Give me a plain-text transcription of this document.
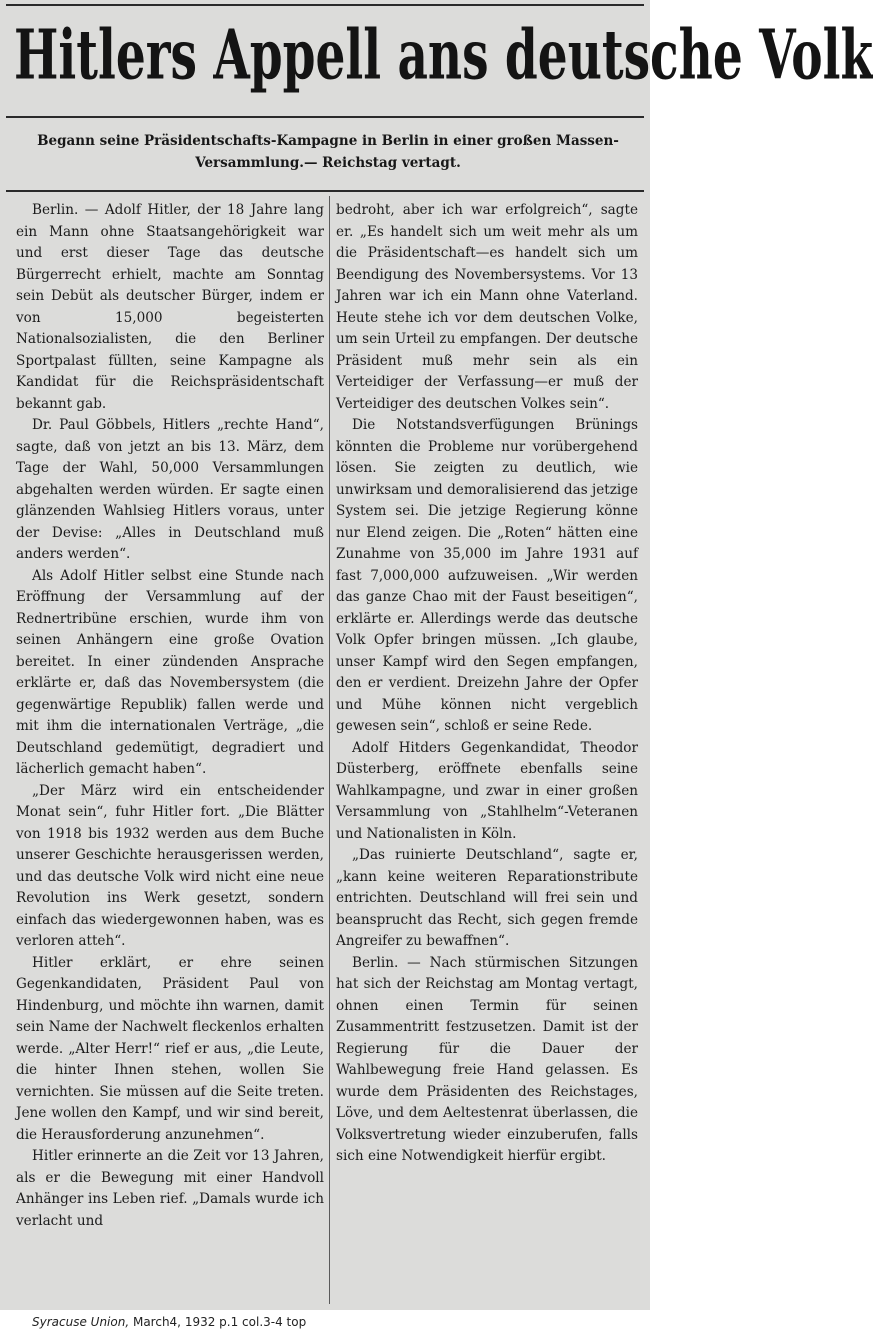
Hitlers Appell ans deutsche Volk
Begann seine Präsidentschafts-Kampagne in Berlin in einer großen Massen-Versammlung.— Reichstag vertagt.

Berlin. — Adolf Hitler, der 18 Jahre lang ein Mann ohne Staatsangehörigkeit war und erst dieser Tage das deutsche Bürgerrecht erhielt, machte am Sonntag sein Debüt als deutscher Bürger, indem er von 15,000 begeisterten Nationalsozialisten, die den Berliner Sportpalast füllten, seine Kampagne als Kandidat für die Reichspräsidentschaft bekannt gab.

Dr. Paul Göbbels, Hitlers „rechte Hand“, sagte, daß von jetzt an bis 13. März, dem Tage der Wahl, 50,000 Versammlungen abgehalten werden würden. Er sagte einen glänzenden Wahlsieg Hitlers voraus, unter der Devise: „Alles in Deutschland muß anders werden“.

Als Adolf Hitler selbst eine Stunde nach Eröffnung der Versammlung auf der Rednertribüne erschien, wurde ihm von seinen Anhängern eine große Ovation bereitet. In einer zündenden Ansprache erklärte er, daß das Novembersystem (die gegenwärtige Republik) fallen werde und mit ihm die internationalen Verträge, „die Deutschland gedemütigt, degradiert und lächerlich gemacht haben“.

„Der März wird ein entscheidender Monat sein“, fuhr Hitler fort. „Die Blätter von 1918 bis 1932 werden aus dem Buche unserer Geschichte herausgerissen werden, und das deutsche Volk wird nicht eine neue Revolution ins Werk gesetzt, sondern einfach das wiedergewonnen haben, was es verloren atteh“.

Hitler erklärt, er ehre seinen Gegenkandidaten, Präsident Paul von Hindenburg, und möchte ihn warnen, damit sein Name der Nachwelt fleckenlos erhalten werde. „Alter Herr!“ rief er aus, „die Leute, die hinter Ihnen stehen, wollen Sie vernichten. Sie müssen auf die Seite treten. Jene wollen den Kampf, und wir sind bereit, die Herausforderung anzunehmen“.

Hitler erinnerte an die Zeit vor 13 Jahren, als er die Bewegung mit einer Handvoll Anhänger ins Leben rief. „Damals wurde ich verlacht und

bedroht, aber ich war erfolgreich“, sagte er. „Es handelt sich um weit mehr als um die Präsidentschaft—es handelt sich um Beendigung des Novembersystems. Vor 13 Jahren war ich ein Mann ohne Vaterland. Heute stehe ich vor dem deutschen Volke, um sein Urteil zu empfangen. Der deutsche Präsident muß mehr sein als ein Verteidiger der Verfassung—er muß der Verteidiger des deutschen Volkes sein“.

Die Notstandsverfügungen Brünings könnten die Probleme nur vorübergehend lösen. Sie zeigten zu deutlich, wie unwirksam und demoralisierend das jetzige System sei. Die jetzige Regierung könne nur Elend zeigen. Die „Roten“ hätten eine Zunahme von 35,000 im Jahre 1931 auf fast 7,000,000 aufzuweisen. „Wir werden das ganze Chao mit der Faust beseitigen“, erklärte er. Allerdings werde das deutsche Volk Opfer bringen müssen. „Ich glaube, unser Kampf wird den Segen empfangen, den er verdient. Dreizehn Jahre der Opfer und Mühe können nicht vergeblich gewesen sein“, schloß er seine Rede.

Adolf Hitders Gegenkandidat, Theodor Düsterberg, eröffnete ebenfalls seine Wahlkampagne, und zwar in einer großen Versammlung von „Stahlhelm“-Veteranen und Nationalisten in Köln.

„Das ruinierte Deutschland“, sagte er, „kann keine weiteren Reparationstribute entrichten. Deutschland will frei sein und beansprucht das Recht, sich gegen fremde Angreifer zu bewaffnen“.

Berlin. — Nach stürmischen Sitzungen hat sich der Reichstag am Montag vertagt, ohnen einen Termin für seinen Zusammentritt festzusetzen. Damit ist der Regierung für die Dauer der Wahlbewegung freie Hand gelassen. Es wurde dem Präsidenten des Reichstages, Löve, und dem Aeltestenrat überlassen, die Volksvertretung wieder einzuberufen, falls sich eine Notwendigkeit hierfür ergibt.

Syracuse Union, March4, 1932 p.1 col.3-4 top
